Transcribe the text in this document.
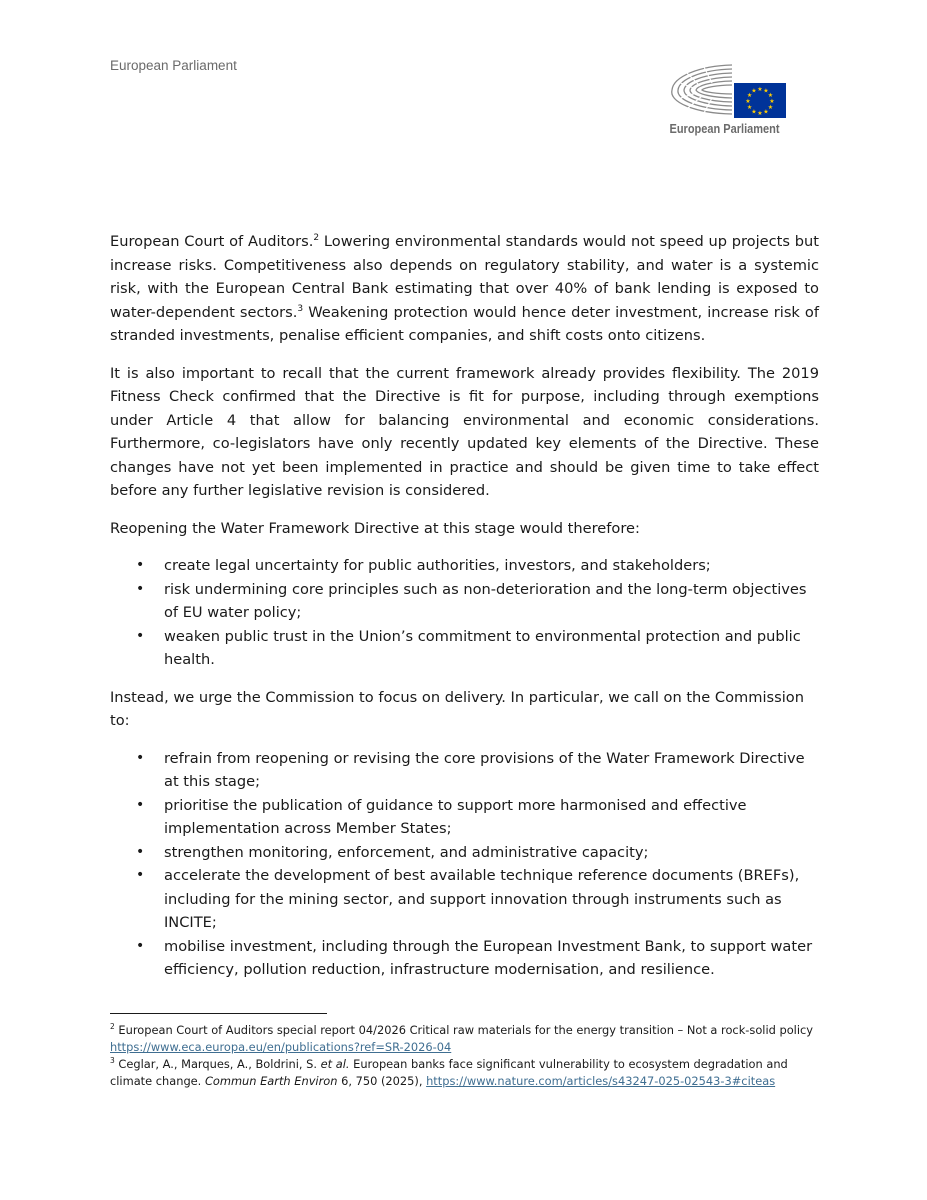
European Parliament
★ ★
★
★
★
★
★
★
★
★
★
★
European Parliament

European Court of Auditors.$^2$ Lowering environmental standards would not speed up projects but increase risks. Competitiveness also depends on regulatory stability, and water is a systemic risk, with the European Central Bank estimating that over 40% of bank lending is exposed to water-dependent sectors.$^3$ Weakening protection would hence deter investment, increase risk of stranded investments, penalise efficient companies, and shift costs onto citizens.

It is also important to recall that the current framework already provides flexibility. The 2019 Fitness Check confirmed that the Directive is fit for purpose, including through exemptions under Article 4 that allow for balancing environmental and economic considerations. Furthermore, co-legislators have only recently updated key elements of the Directive. These changes have not yet been implemented in practice and should be given time to take effect before any further legislative revision is considered.

Reopening the Water Framework Directive at this stage would therefore:

• create legal uncertainty for public authorities, investors, and stakeholders;
• risk undermining core principles such as non-deterioration and the long-term objectives of EU water policy;
• weaken public trust in the Union’s commitment to environmental protection and public health.

Instead, we urge the Commission to focus on delivery. In particular, we call on the Commission to:

• refrain from reopening or revising the core provisions of the Water Framework Directive at this stage;
• prioritise the publication of guidance to support more harmonised and effective implementation across Member States;
• strengthen monitoring, enforcement, and administrative capacity;
• accelerate the development of best available technique reference documents (BREFs), including for the mining sector, and support innovation through instruments such as INCITE;
• mobilise investment, including through the European Investment Bank, to support water efficiency, pollution reduction, infrastructure modernisation, and resilience.

$^2$ European Court of Auditors special report 04/2026 Critical raw materials for the energy transition – Not a rock-solid policy https://www.eca.europa.eu/en/publications?ref=SR-2026-04

$^3$ Ceglar, A., Marques, A., Boldrini, S. et al. European banks face significant vulnerability to ecosystem degradation and climate change. Commun Earth Environ 6, 750 (2025), https://www.nature.com/articles/s43247-025-02543-3#citeas
